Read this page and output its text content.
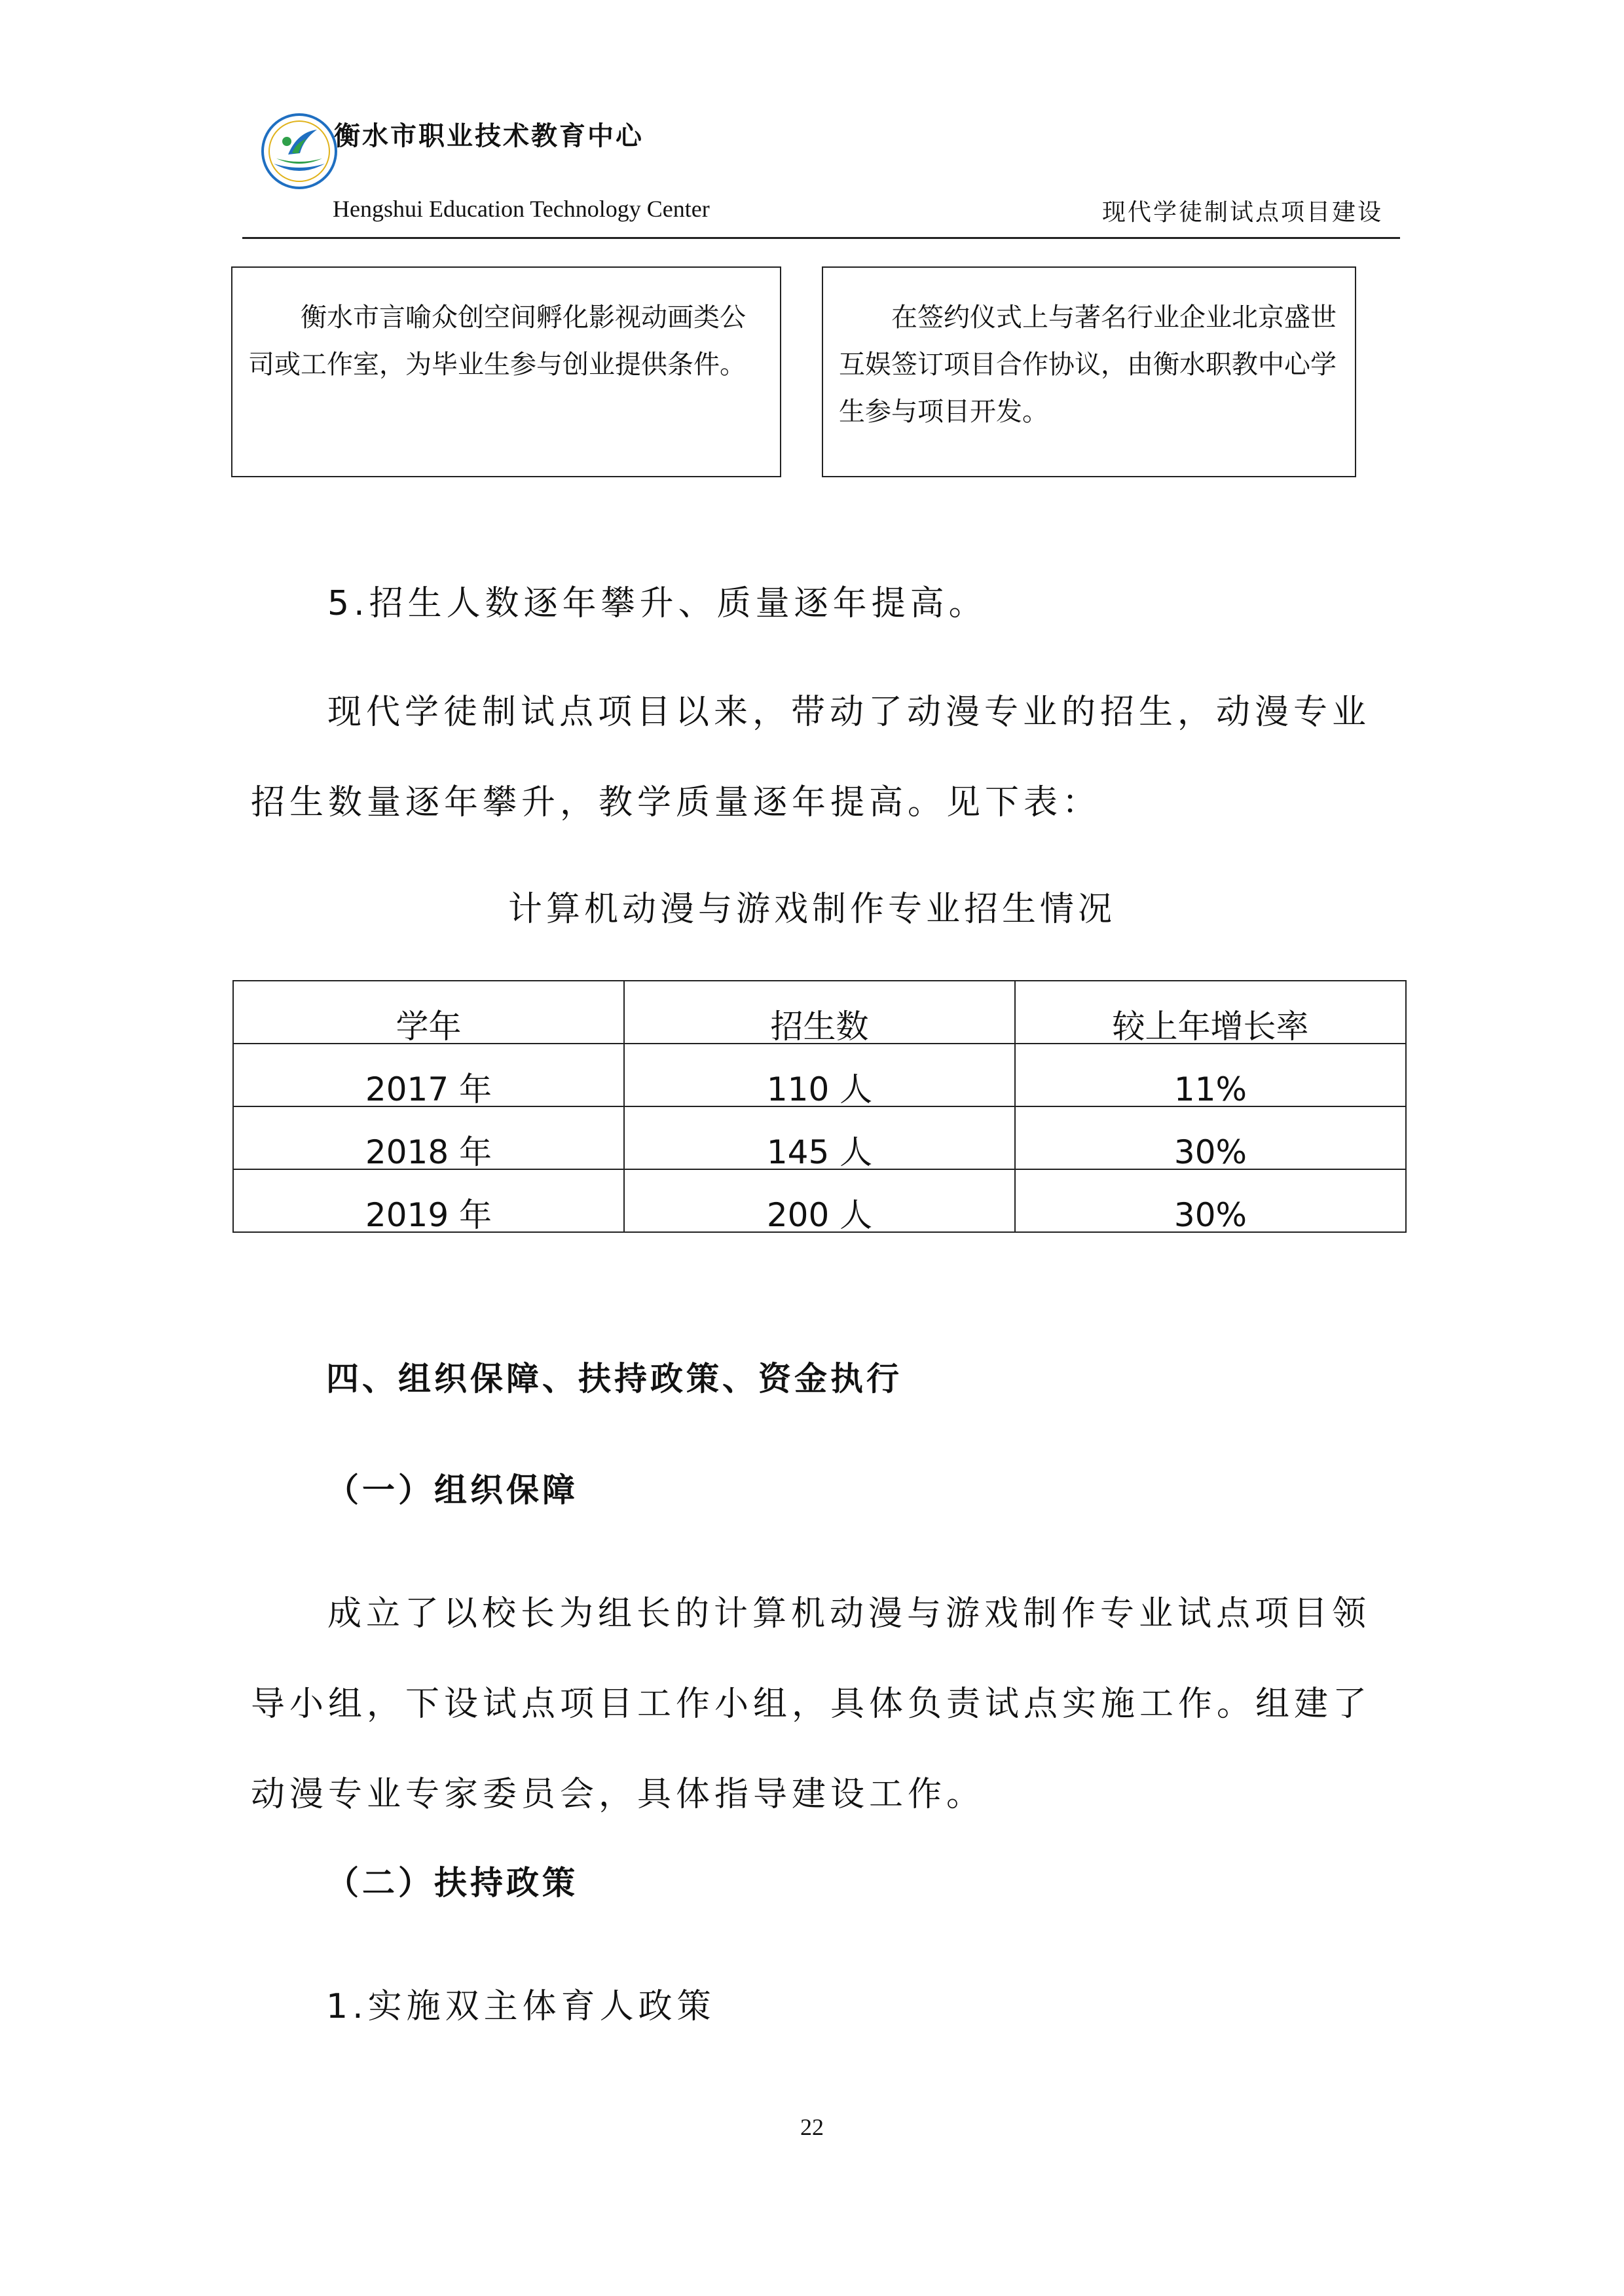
衡水市职业技术教育中心
Hengshui Education Technology Center	现代学徒制试点项目建设

衡水市言喻众创空间孵化影视动画类公司或工作室，为毕业生参与创业提供条件。

在签约仪式上与著名行业企业北京盛世互娱签订项目合作协议，由衡水职教中心学生参与项目开发。

5.招生人数逐年攀升、质量逐年提高。

现代学徒制试点项目以来，带动了动漫专业的招生，动漫专业招生数量逐年攀升，教学质量逐年提高。见下表：

计算机动漫与游戏制作专业招生情况
学年	招生数	较上年增长率
2017 年	110 人	11%
2018 年	145 人	30%
2019 年	200 人	30%
四、组织保障、扶持政策、资金执行
（一）组织保障

成立了以校长为组长的计算机动漫与游戏制作专业试点项目领导小组，下设试点项目工作小组，具体负责试点实施工作。组建了动漫专业专家委员会，具体指导建设工作。

（二）扶持政策

1.实施双主体育人政策

22
